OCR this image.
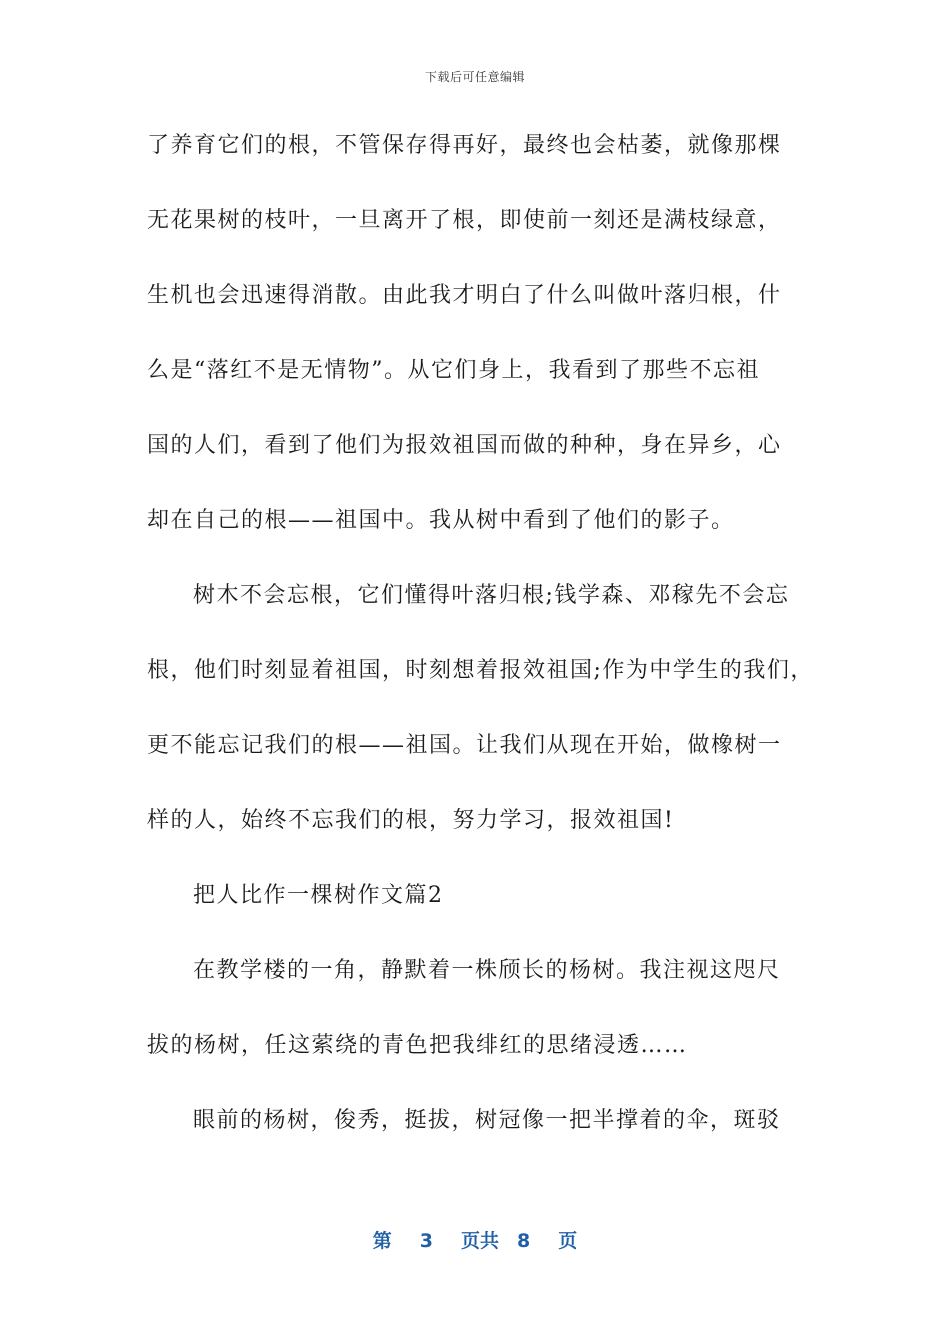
下载后可任意编辑
了养育它们的根，不管保存得再好，最终也会枯萎，就像那棵
无花果树的枝叶，一旦离开了根，即使前一刻还是满枝绿意，
生机也会迅速得消散。由此我才明白了什么叫做叶落归根，什
么是“落红不是无情物”。从它们身上，我看到了那些不忘祖
国的人们，看到了他们为报效祖国而做的种种，身在异乡，心
却在自己的根——祖国中。我从树中看到了他们的影子。
树木不会忘根，它们懂得叶落归根;钱学森、邓稼先不会忘
根，他们时刻显着祖国，时刻想着报效祖国;作为中学生的我们，
更不能忘记我们的根——祖国。让我们从现在开始，做橡树一
样的人，始终不忘我们的根，努力学习，报效祖国!
把人比作一棵树作文篇2
在教学楼的一角，静默着一株颀长的杨树。我注视这咫尺
拔的杨树，任这萦绕的青色把我绯红的思绪浸透……
眼前的杨树，俊秀，挺拔，树冠像一把半撑着的伞，斑驳
第 3 页共 8 页
